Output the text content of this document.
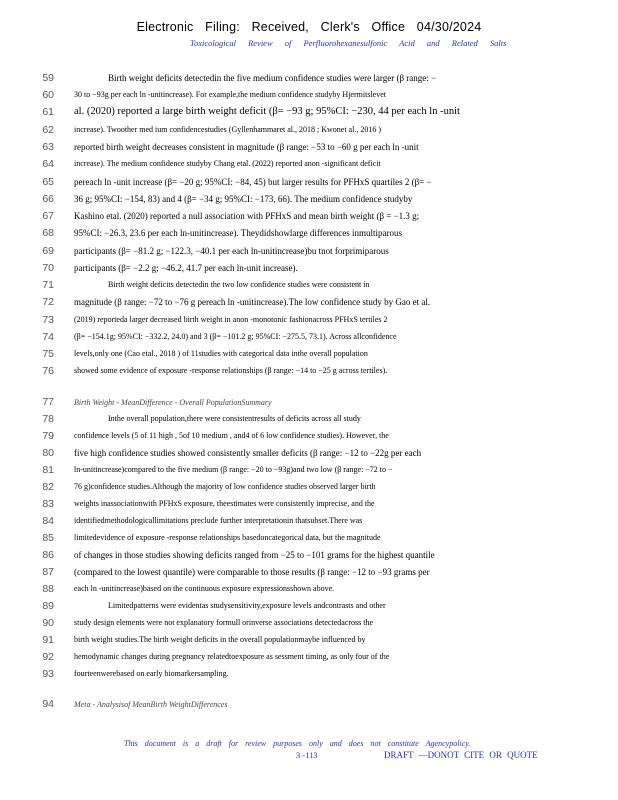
Electronic Filing: Received, Clerk's Office 04/30/2024
Toxicological Review of Perfluorohexanesulfonic Acid and Related Salts
59	Birth weight deficits detectedin the five medium confidence studies were larger (β range: −
60	30 to −93g per each ln -unitincrease). For example,the medium confidence studyby Hjermitslevet
61 al. (2020) reported a large birth weight deficit (β= −93 g; 95%CI: −230, 44 per each ln -unit
62	increase). Twoother med ium confidencestudies (Gyllenhammaret al., 2018 ; Kwonet al., 2016 )
63 reported birth weight decreases consistent in magnitude (β range: −53 to −60 g per each ln -unit
64	increase). The medium confidence studyby Chang etal. (2022) reported anon -significant deficit
65 pereach ln -unit increase (β= −20 g; 95%CI: −84, 45) but larger results for PFHxS quartiles 2 (β= −
66 36 g; 95%CI: −154, 83) and 4 (β= −34 g; 95%CI: −173, 66). The medium confidence studyby
67 Kashino etal. (2020) reported a null association with PFHxS and mean birth weight (β = −1.3 g;
68 95%CI: −26.3, 23.6 per each ln-unitincrease). Theydidshowlarge differences inmultiparous
69 participants (β= −81.2 g; −122.3, −40.1 per each ln-unitincrease)bu tnot forprimiparous
70 participants (β= −2.2 g; −46.2, 41.7 per each ln-unit increase).
71	Birth weight deficits detectedin the two low confidence studies were consistent in
72 magnitude (β range: −72 to −76 g pereach ln -unitincrease).The low confidence study by Gao et al.
73	(2019) reporteda larger decreased birth weight in anon -monotonic fashionacross PFHxS tertiles 2
74	(β= −154.1g; 95%CI: −332.2, 24.0) and 3 (β= −101.2 g; 95%CI: −275.5, 73.1). Across allconfidence
75	levels,only one (Cao etal., 2018 ) of 11studies with categorical data inthe overall population
76	showed some evidence of exposure -response relationships (β range: −14 to −25 g across tertiles).
77	Birth Weight - MeanDifference - Overall PopulationSummary
78	Inthe overall population,there were consistentresults of deficits across all study
79	confidence levels (5 of 11 high , 5of 10 medium , and4 of 6 low confidence studies). However, the
80 five high confidence studies showed consistently smaller deficits (β range: −12 to −22g per each
81	ln-unitincrease)compared to the five medium (β range: −20 to −93g)and two low (β range: −72 to −
82	76 g)confidence studies.Although the majority of low confidence studies observed larger birth
83	weights inassociationwith PFHxS exposure, theestimates were consistently imprecise, and the
84	identifiedmethodologicallimitations preclude further interpretationin thatsubset.There was
85	limitedevidence of exposure -response relationships basedoncategorical data, but the magnitude
86 of changes in those studies showing deficits ranged from −25 to −101 grams for the highest quantile
87 (compared to the lowest quantile) were comparable to those results (β range: −12 to −93 grams per
88	each ln -unitincrease)based on the continuous exposure expressionsshown above.
89	Limitedpatterns were evidentas studysensitivity,exposure levels andcontrasts and other
90	study design elements were not explanatory formull orinverse associations detectedacross the
91	birth weight studies.The birth weight deficits in the overall populationmaybe influenced by
92	hemodynamic changes during pregnancy relatedtoexposure as sessment timing, as only four of the
93	fourteenwerebased on early biomarkersampling.
94	Meta - Analysisof MeanBirth WeightDifferences
This document is a draft for review purposes only and does not constitute Agencypolicy.
3 -113	DRAFT —DONOT CITE OR QUOTE
